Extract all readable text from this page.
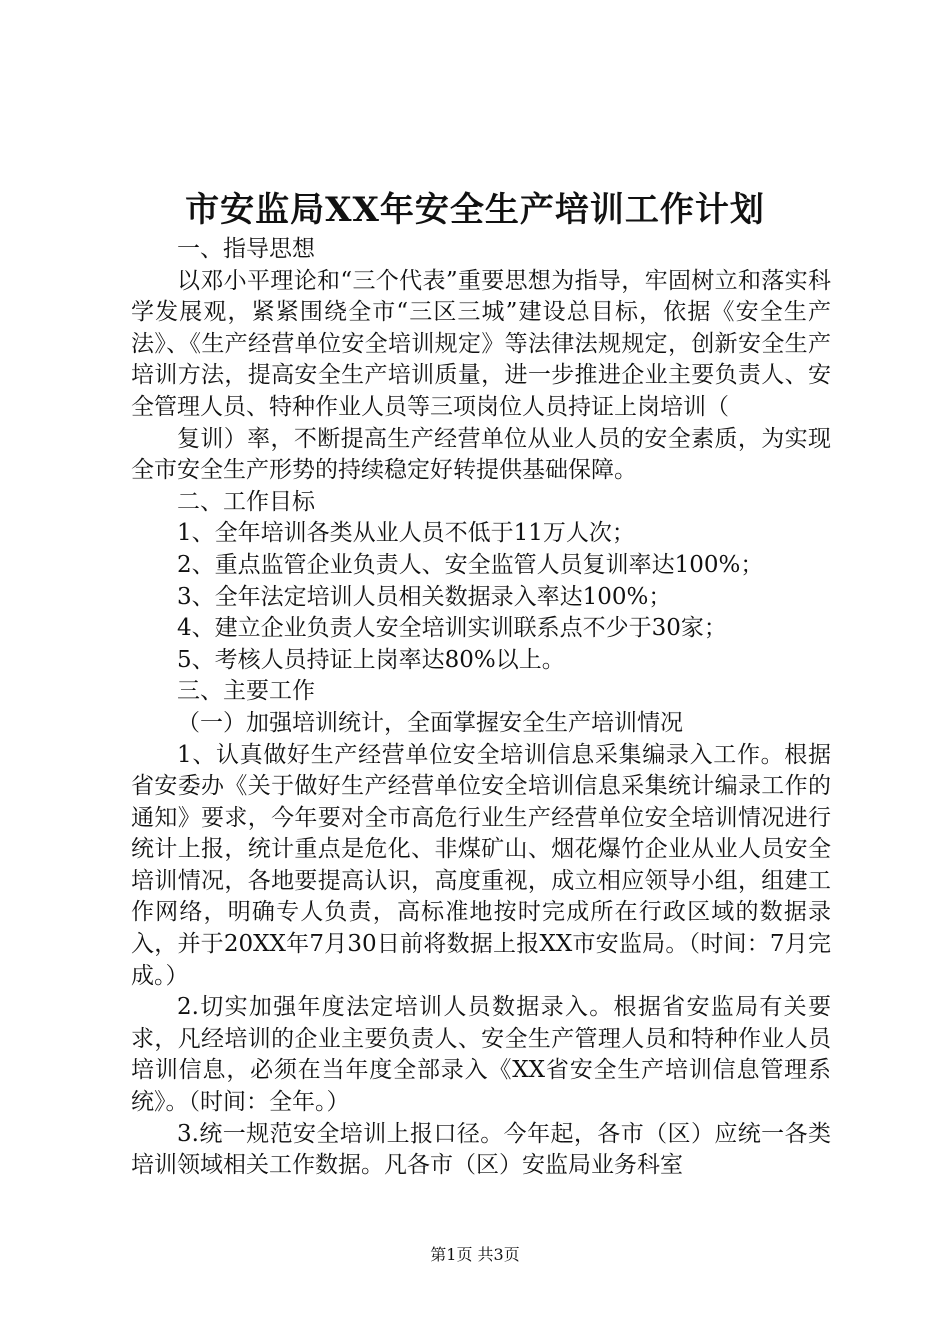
市安监局XX年安全生产培训工作计划

一、指导思想

以邓小平理论和“三个代表”重要思想为指导，牢固树立和落实科学发展观，紧紧围绕全市“三区三城”建设总目标，依据《安全生产法》、《生产经营单位安全培训规定》等法律法规规定，创新安全生产培训方法，提高安全生产培训质量，进一步推进企业主要负责人、安全管理人员、特种作业人员等三项岗位人员持证上岗培训（

复训）率，不断提高生产经营单位从业人员的安全素质，为实现全市安全生产形势的持续稳定好转提供基础保障。

二、工作目标

1、全年培训各类从业人员不低于11万人次；

2、重点监管企业负责人、安全监管人员复训率达100%；

3、全年法定培训人员相关数据录入率达100%；

4、建立企业负责人安全培训实训联系点不少于30家；

5、考核人员持证上岗率达80%以上。

三、主要工作

（一）加强培训统计，全面掌握安全生产培训情况

1、认真做好生产经营单位安全培训信息采集编录入工作。根据省安委办《关于做好生产经营单位安全培训信息采集统计编录工作的通知》要求，今年要对全市高危行业生产经营单位安全培训情况进行统计上报，统计重点是危化、非煤矿山、烟花爆竹企业从业人员安全培训情况，各地要提高认识，高度重视，成立相应领导小组，组建工作网络，明确专人负责，高标准地按时完成所在行政区域的数据录入，并于20XX年7月30日前将数据上报XX市安监局。（时间：7月完成。）

2.切实加强年度法定培训人员数据录入。根据省安监局有关要求，凡经培训的企业主要负责人、安全生产管理人员和特种作业人员培训信息，必须在当年度全部录入《XX省安全生产培训信息管理系统》。（时间：全年。）

3.统一规范安全培训上报口径。今年起，各市（区）应统一各类培训领域相关工作数据。凡各市（区）安监局业务科室

第1页 共3页
